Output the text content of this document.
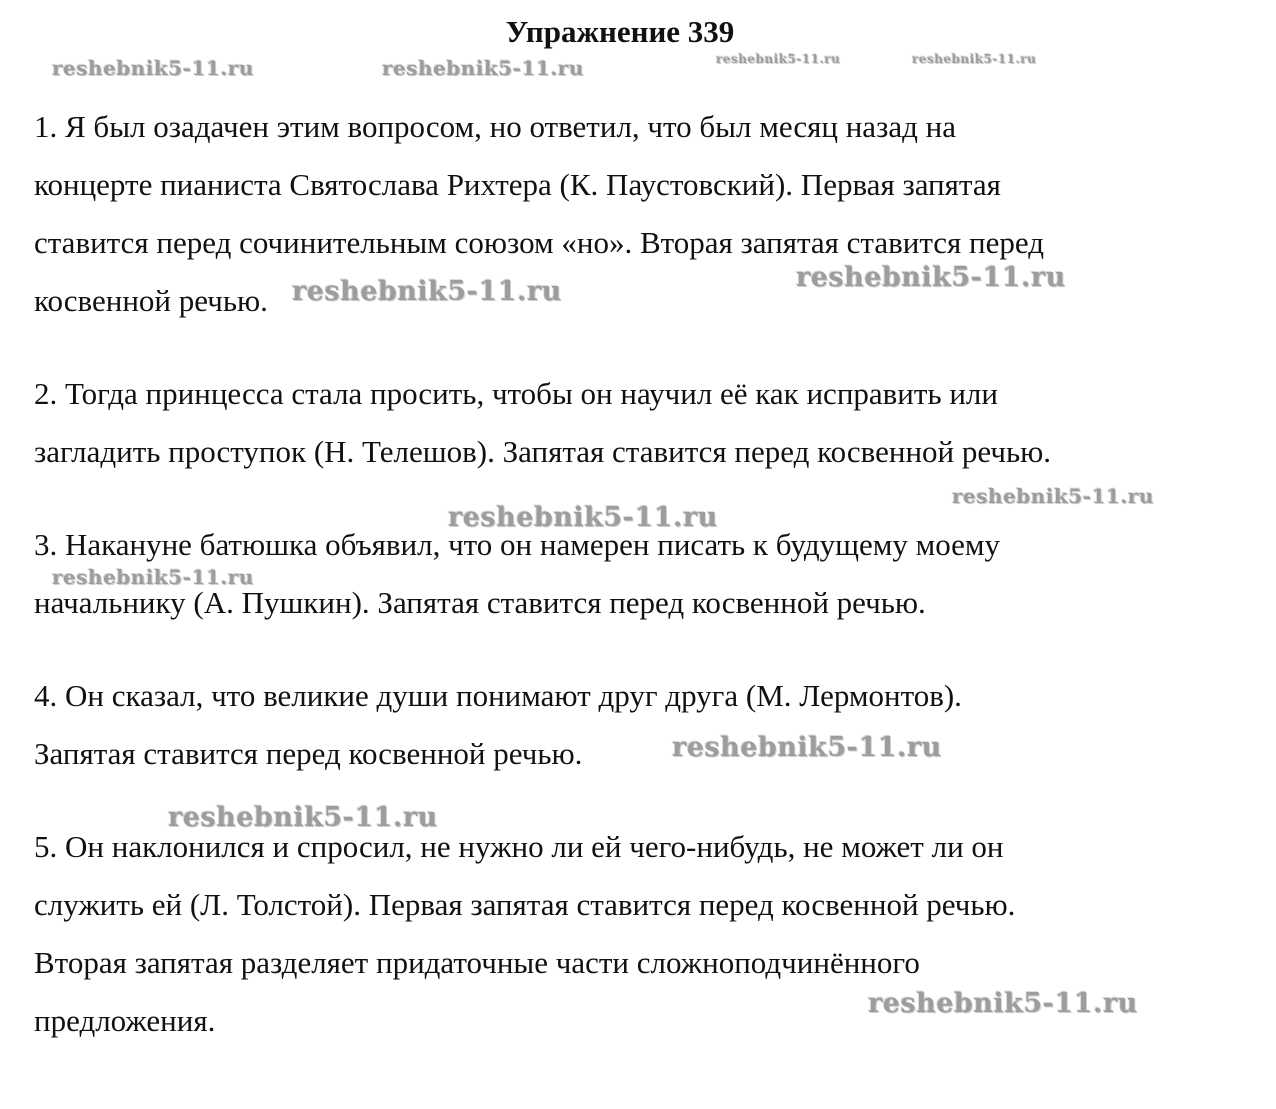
Упражнение 339
1. Я был озадачен этим вопросом, но ответил, что был месяц назад на
концерте пианиста Святослава Рихтера (К. Паустовский). Первая запятая
ставится перед сочинительным союзом «но». Вторая запятая ставится перед
косвенной речью.
2. Тогда принцесса стала просить, чтобы он научил её как исправить или
загладить проступок (Н. Телешов). Запятая ставится перед косвенной речью.
3. Накануне батюшка объявил, что он намерен писать к будущему моему
начальнику (А. Пушкин). Запятая ставится перед косвенной речью.
4. Он сказал, что великие души понимают друг друга (М. Лермонтов).
Запятая ставится перед косвенной речью.
5. Он наклонился и спросил, не нужно ли ей чего-нибудь, не может ли он
служить ей (Л. Толстой). Первая запятая ставится перед косвенной речью.
Вторая запятая разделяет придаточные части сложноподчинённого
предложения.
reshebnik5-11.ru	reshebnik5-11.ru	reshebnik5-11.ru	reshebnik5-11.ru
reshebnik5-11.ru
reshebnik5-11.ru
reshebnik5-11.ru
reshebnik5-11.ru
reshebnik5-11.ru
reshebnik5-11.ru
reshebnik5-11.ru
reshebnik5-11.ru
